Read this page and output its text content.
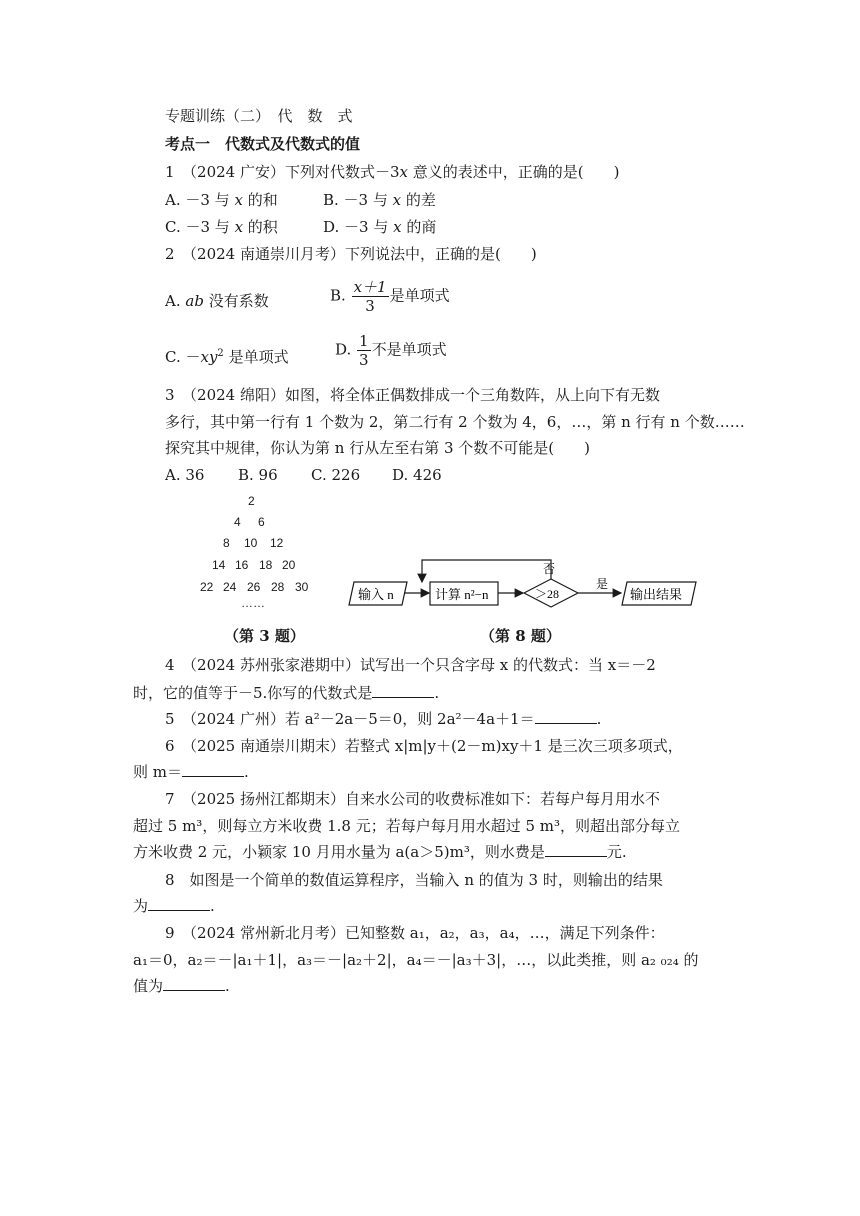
专题训练（二）　代　数　式
考点一　代数式及代数式的值
1　（2024 广安）下列对代数式－3x 意义的表述中，正确的是(　　)
A. －3 与 x 的和	B. －3 与 x 的差
C. －3 与 x 的积	D. －3 与 x 的商
2　（2024 南通崇川月考）下列说法中，正确的是(　　)
A. ab 没有系数	B. $\frac{x+1}{3}$ 是单项式
C. $-xy^2$ 是单项式	D. $\frac{1}{3}$ 不是单项式
3　（2024 绵阳）如图，将全体正偶数排成一个三角数阵，从上向下有无数
多行，其中第一行有 1 个数为 2，第二行有 2 个数为 4，6，…，第 n 行有 n 个数……
探究其中规律，你认为第 n 行从左至右第 3 个数不可能是(　　)
A. 36 B. 96 C. 226 D. 426
2
4 6
8 10 12
14 16 18 20
22 24 26 28 30
……
（第 3 题）
输入 n	计算 n²−n	＞28
否
是
输出结果
（第 8 题）
4　（2024 苏州张家港期中）试写出一个只含字母 x 的代数式：当 x＝－2
时，它的值等于－5.你写的代数式是	.
5　（2024 广州）若 a²－2a－5＝0，则 2a²－4a＋1＝	.
6　（2025 南通崇川期末）若整式 x|m|y＋(2－m)xy＋1 是三次三项多项式，
则 m＝	.
7　（2025 扬州江都期末）自来水公司的收费标准如下：若每户每月用水不
超过 5 m³，则每立方米收费 1.8 元；若每户每月用水超过 5 m³，则超出部分每立
方米收费 2 元，小颖家 10 月用水量为 a(a＞5)m³，则水费是	元.
8　如图是一个简单的数值运算程序，当输入 n 的值为 3 时，则输出的结果
为	.
9　（2024 常州新北月考）已知整数 a₁，a₂，a₃，a₄，…，满足下列条件：
a₁＝0，a₂＝－|a₁＋1|，a₃＝－|a₂＋2|，a₄＝－|a₃＋3|，…，以此类推，则 a₂ ₀₂₄ 的
值为	.
